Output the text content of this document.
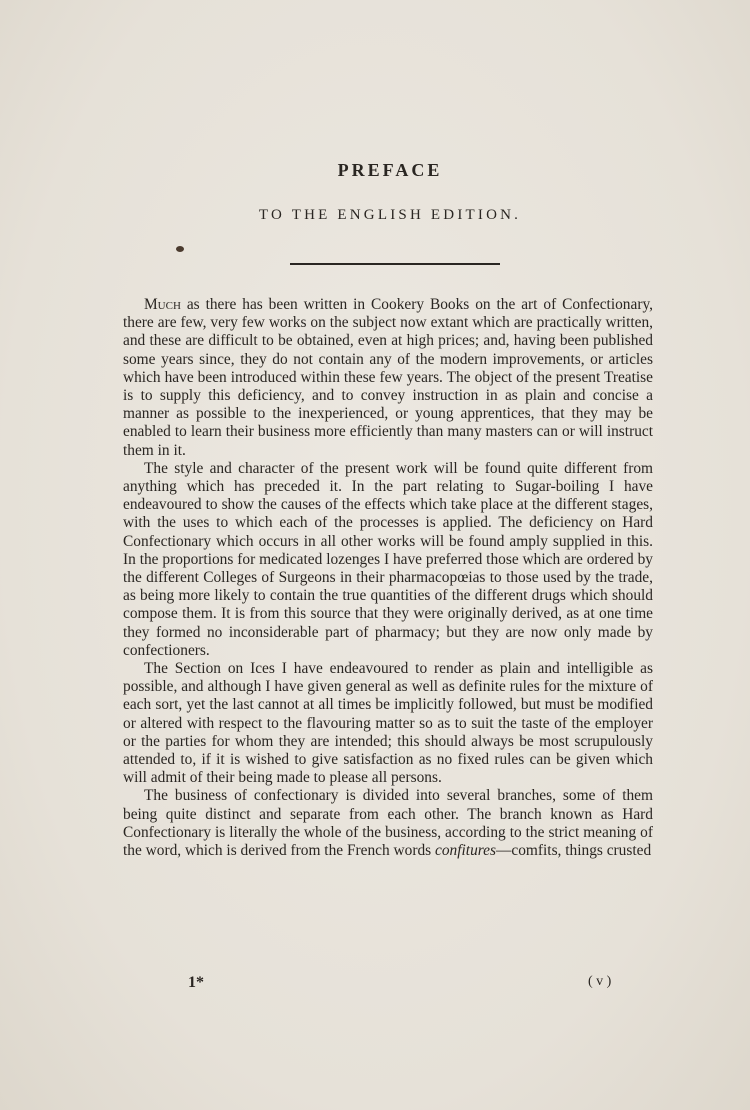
PREFACE
TO THE ENGLISH EDITION.

Much as there has been written in Cookery Books on the art of Confectionary, there are few, very few works on the subject now extant which are practically written, and these are difficult to be obtained, even at high prices; and, having been published some years since, they do not contain any of the modern improvements, or articles which have been introduced within these few years. The object of the present Treatise is to supply this deficiency, and to convey instruction in as plain and concise a manner as possible to the inexperienced, or young apprentices, that they may be enabled to learn their business more efficiently than many masters can or will instruct them in it.

The style and character of the present work will be found quite different from anything which has preceded it. In the part relating to Sugar-boiling I have endeavoured to show the causes of the effects which take place at the different stages, with the uses to which each of the processes is applied. The deficiency on Hard Confectionary which occurs in all other works will be found amply supplied in this. In the proportions for medicated lozenges I have preferred those which are ordered by the different Colleges of Surgeons in their pharmacopœias to those used by the trade, as being more likely to contain the true quantities of the different drugs which should compose them. It is from this source that they were originally derived, as at one time they formed no inconsiderable part of pharmacy; but they are now only made by confectioners.

The Section on Ices I have endeavoured to render as plain and intelligible as possible, and although I have given general as well as definite rules for the mixture of each sort, yet the last cannot at all times be implicitly followed, but must be modified or altered with respect to the flavouring matter so as to suit the taste of the employer or the parties for whom they are intended; this should always be most scrupulously attended to, if it is wished to give satisfaction as no fixed rules can be given which will admit of their being made to please all persons.

The business of confectionary is divided into several branches, some of them being quite distinct and separate from each other. The branch known as Hard Confectionary is literally the whole of the business, according to the strict meaning of the word, which is derived from the French words confitures—comfits, things crusted

1*	( v )
